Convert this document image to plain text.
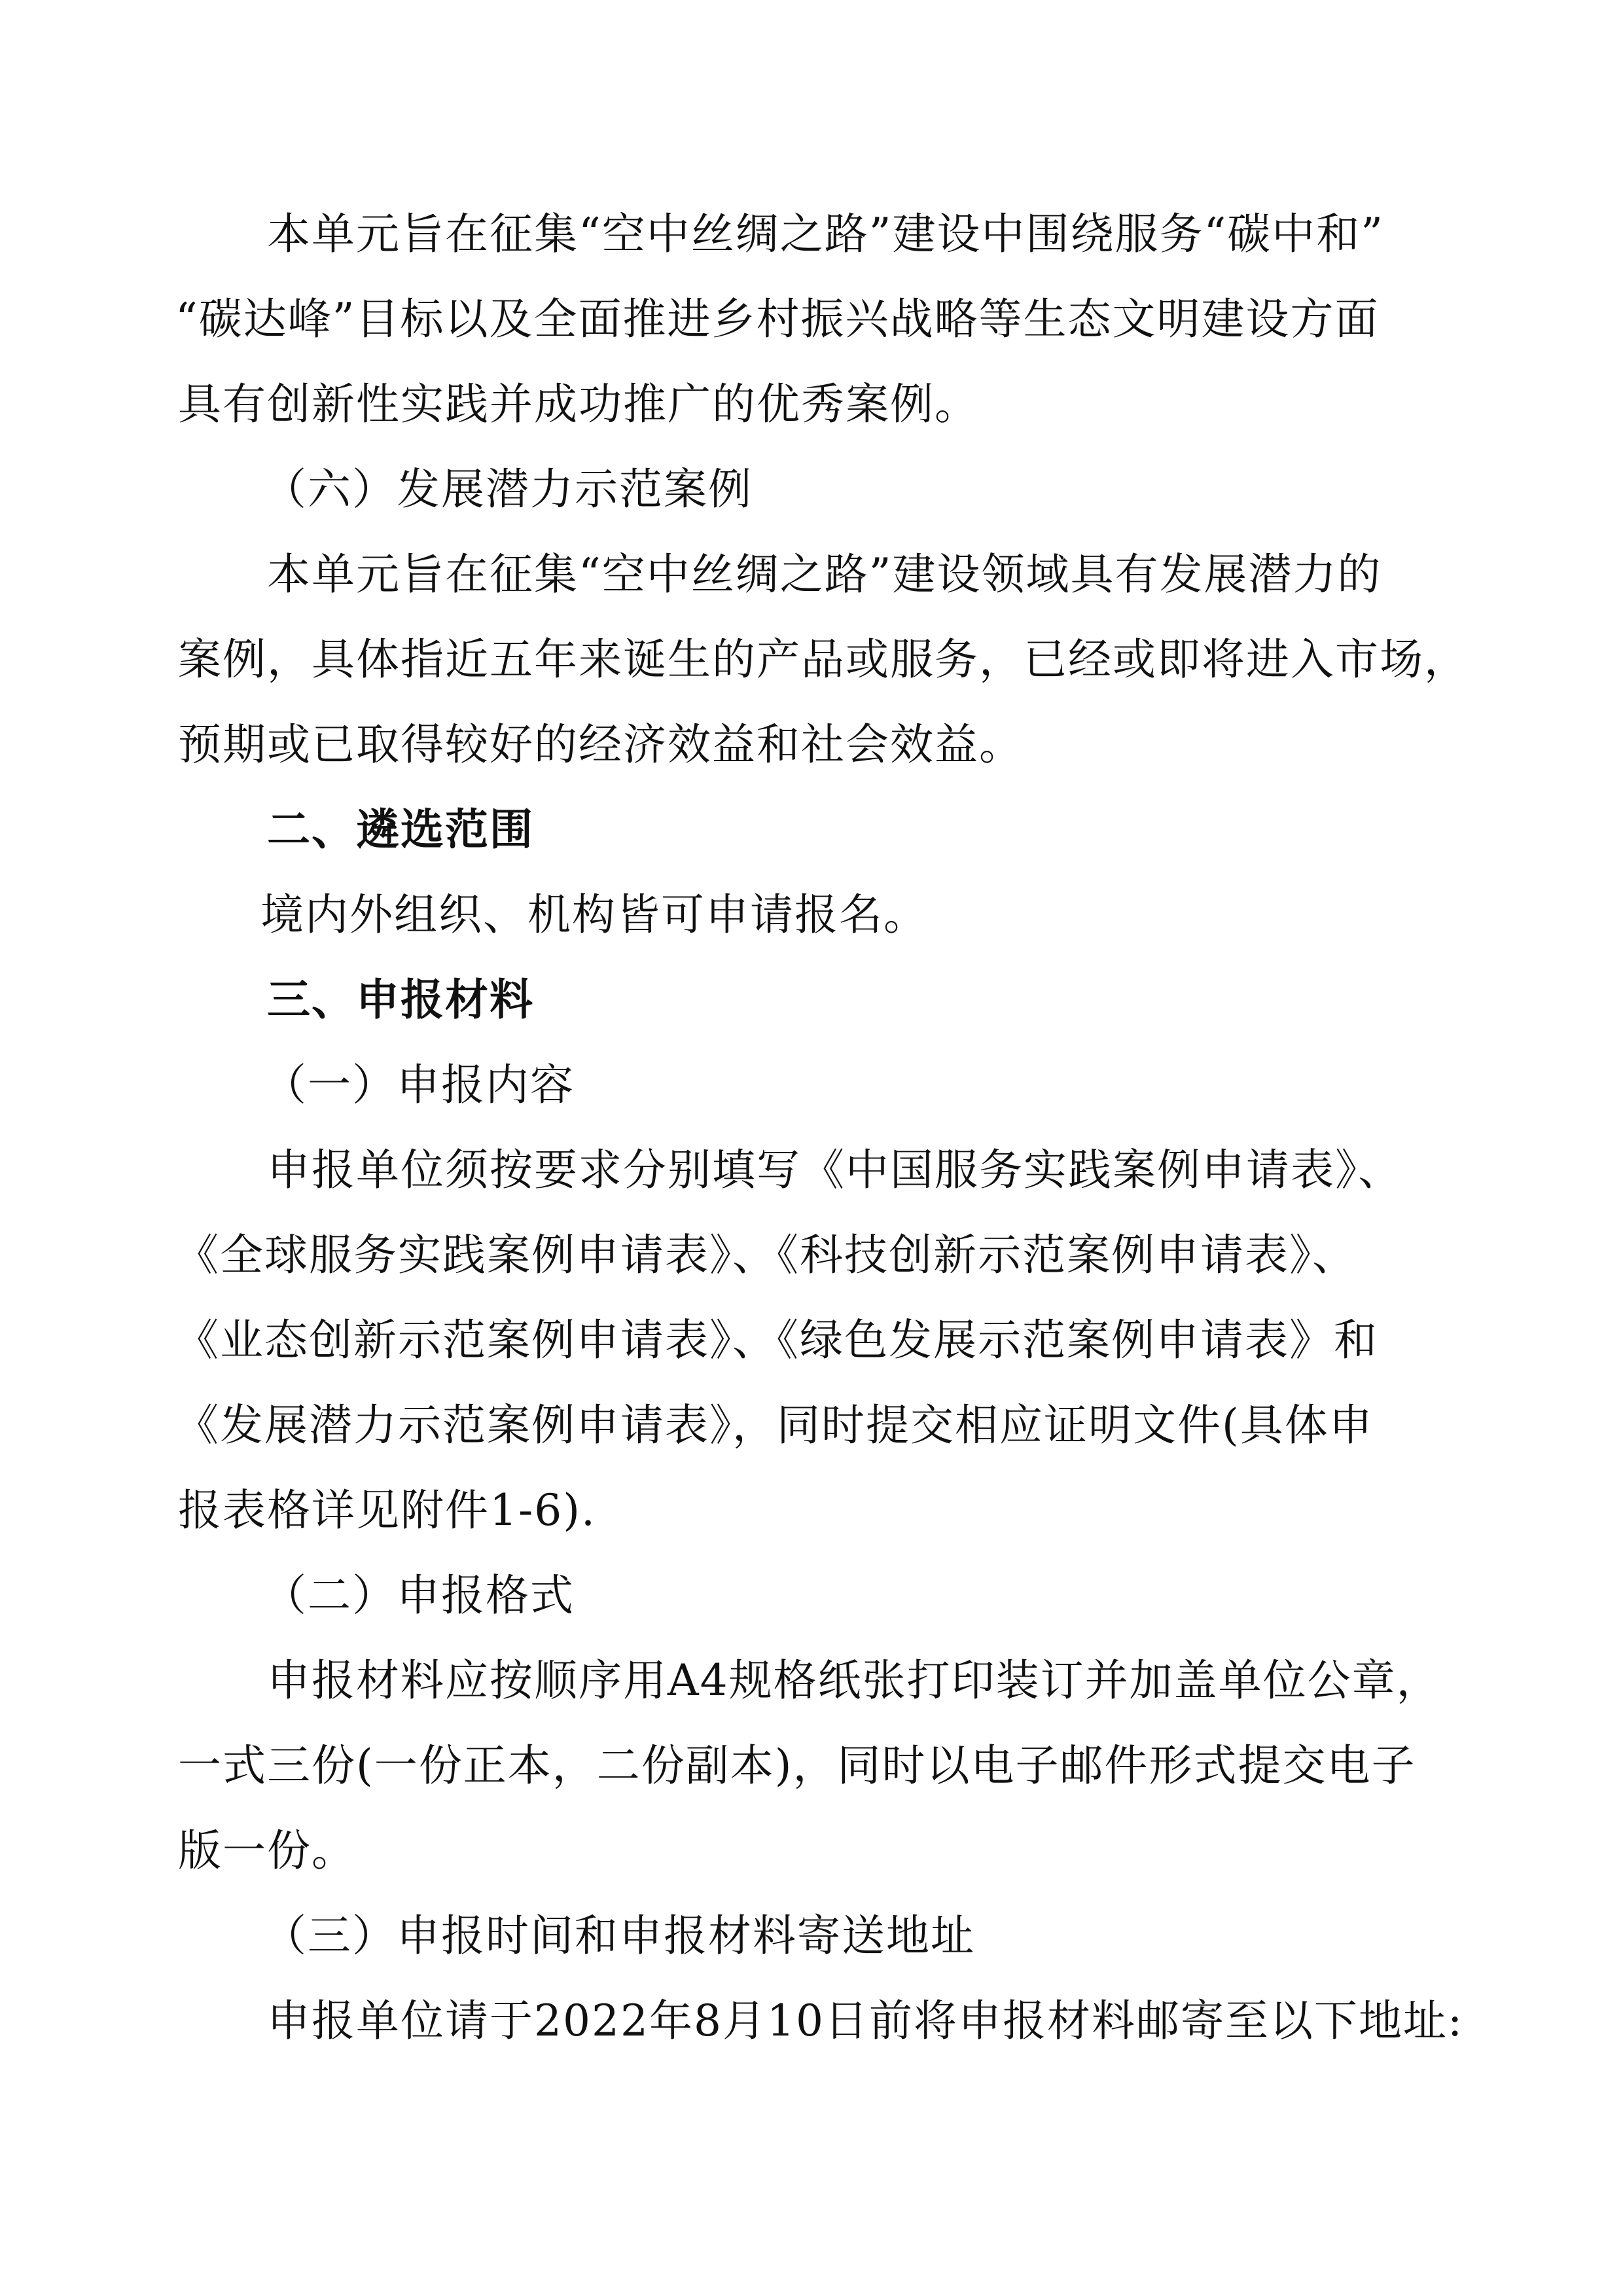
本单元旨在征集“空中丝绸之路”建设中围绕服务“碳中和”
“碳达峰”目标以及全面推进乡村振兴战略等生态文明建设方面
具有创新性实践并成功推广的优秀案例。
（六）发展潜力示范案例
本单元旨在征集“空中丝绸之路”建设领域具有发展潜力的
案例，具体指近五年来诞生的产品或服务，已经或即将进入市场，
预期或已取得较好的经济效益和社会效益。
二、遴选范围
境内外组织、机构皆可申请报名。
三、申报材料
（一）申报内容
申报单位须按要求分别填写《中国服务实践案例申请表》、
《全球服务实践案例申请表》、《科技创新示范案例申请表》、
《业态创新示范案例申请表》、《绿色发展示范案例申请表》和
《发展潜力示范案例申请表》，同时提交相应证明文件(具体申
报表格详见附件1-6).
（二）申报格式
申报材料应按顺序用A4规格纸张打印装订并加盖单位公章，
一式三份(一份正本，二份副本)，同时以电子邮件形式提交电子
版一份。
（三）申报时间和申报材料寄送地址
申报单位请于2022年8月10日前将申报材料邮寄至以下地址:
